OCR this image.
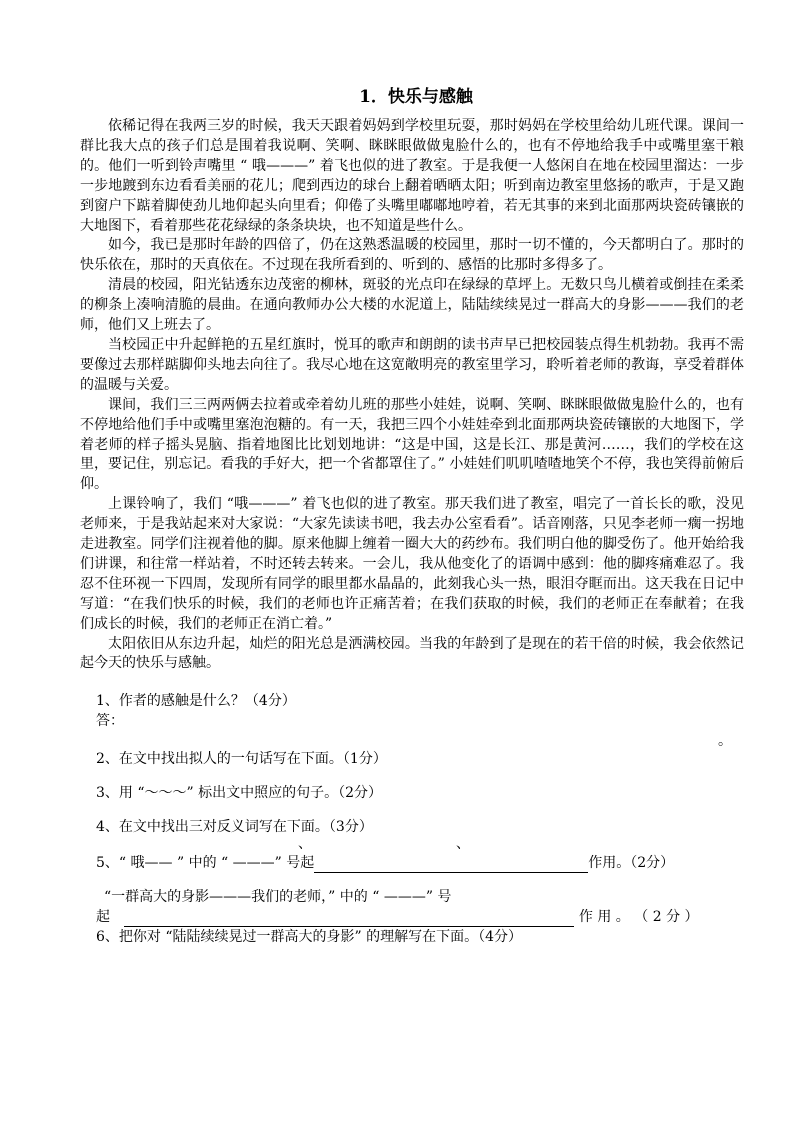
1．快乐与感触

依稀记得在我两三岁的时候，我天天跟着妈妈到学校里玩耍，那时妈妈在学校里给幼儿班代课。课间一群比我大点的孩子们总是围着我说啊、笑啊、眯眯眼做做鬼脸什么的，也有不停地给我手中或嘴里塞干粮的。他们一听到铃声嘴里 “ 哦———” 着飞也似的进了教室。于是我便一人悠闲自在地在校园里溜达：一步一步地踱到东边看看美丽的花儿；爬到西边的球台上翻着晒晒太阳；听到南边教室里悠扬的歌声，于是又跑到窗户下踮着脚使劲儿地仰起头向里看；仰倦了头嘴里嘟嘟地哼着，若无其事的来到北面那两块瓷砖镶嵌的大地图下，看着那些花花绿绿的条条块块，也不知道是些什么。

如今，我已是那时年龄的四倍了，仍在这熟悉温暖的校园里，那时一切不懂的，今天都明白了。那时的快乐依在，那时的天真依在。不过现在我所看到的、听到的、感悟的比那时多得多了。

清晨的校园，阳光钻透东边茂密的柳林，斑驳的光点印在绿绿的草坪上。无数只鸟儿横着或倒挂在柔柔的柳条上凑响清脆的晨曲。在通向教师办公大楼的水泥道上，陆陆续续晃过一群高大的身影———我们的老师，他们又上班去了。

当校园正中升起鲜艳的五星红旗时，悦耳的歌声和朗朗的读书声早已把校园装点得生机勃勃。我再不需要像过去那样踮脚仰头地去向往了。我尽心地在这宽敞明亮的教室里学习，聆听着老师的教诲，享受着群体的温暖与关爱。

课间，我们三三两两俩去拉着或牵着幼儿班的那些小娃娃，说啊、笑啊、眯眯眼做做鬼脸什么的，也有不停地给他们手中或嘴里塞泡泡糖的。有一天，我把三四个小娃娃牵到北面那两块瓷砖镶嵌的大地图下，学着老师的样子摇头晃脑、指着地图比比划划地讲：“这是中国，这是长江、那是黄河……，我们的学校在这里，要记住，别忘记。看我的手好大，把一个省都罩住了。” 小娃娃们叽叽喳喳地笑个不停，我也笑得前俯后仰。

上课铃响了，我们 “哦———” 着飞也似的进了教室。那天我们进了教室，唱完了一首长长的歌，没见老师来，于是我站起来对大家说：“大家先读读书吧，我去办公室看看”。话音刚落，只见李老师一瘸一拐地走进教室。同学们注视着他的脚。原来他脚上缠着一圈大大的药纱布。我们明白他的脚受伤了。他开始给我们讲课，和往常一样站着，不时还转去转来。一会儿，我从他变化了的语调中感到：他的脚疼痛难忍了。我忍不住环视一下四周，发现所有同学的眼里都水晶晶的，此刻我心头一热，眼泪夺眶而出。这天我在日记中写道：“在我们快乐的时候，我们的老师也许正痛苦着；在我们获取的时候，我们的老师正在奉献着；在我们成长的时候，我们的老师正在消亡着。”

太阳依旧从东边升起，灿烂的阳光总是洒满校园。当我的年龄到了是现在的若干倍的时候，我会依然记起今天的快乐与感触。

1、作者的感触是什么？（4分）

答：

。

2、在文中找出拟人的一句话写在下面。（1分）

3、用 “～～～” 标出文中照应的句子。（2分）

4、在文中找出三对反义词写在下面。（3分）

、	、

5、“ 哦—— ” 中的 “ ———” 号起	作用。（2分）

“一群高大的身影———我们的老师，” 中的 “ ———” 号

起	作 用 。 （ 2 分 ）

6、把你对 “陆陆续续晃过一群高大的身影” 的理解写在下面。（4分）
